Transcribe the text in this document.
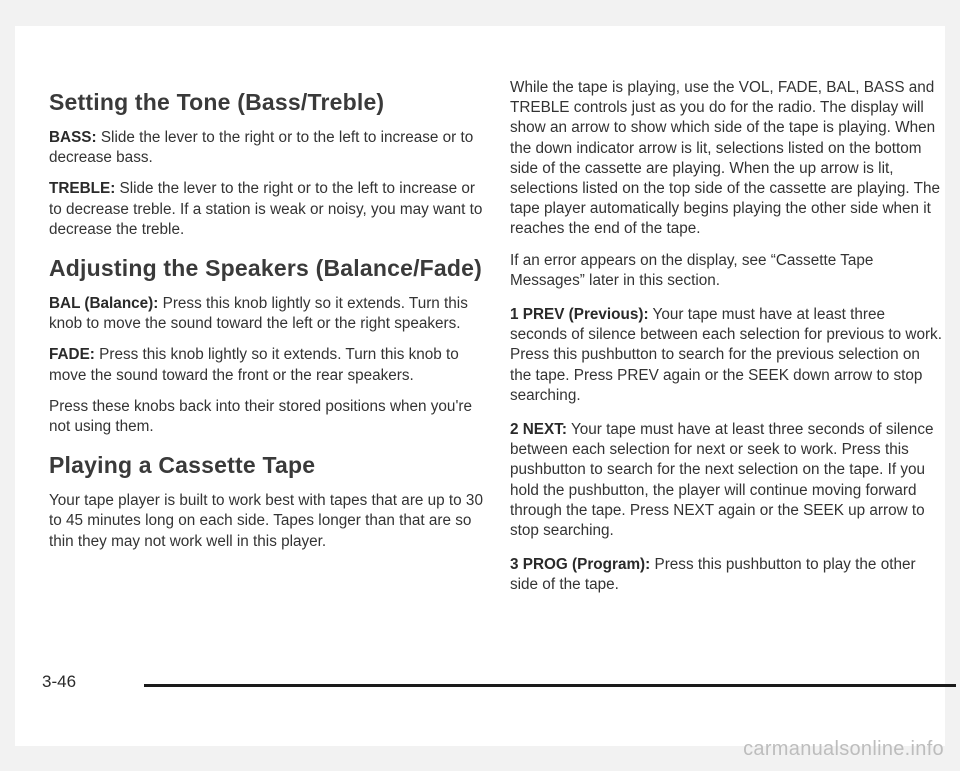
Setting the Tone (Bass/Treble)

BASS: Slide the lever to the right or to the left to increase or to decrease bass.

TREBLE: Slide the lever to the right or to the left to increase or to decrease treble. If a station is weak or noisy, you may want to decrease the treble.

Adjusting the Speakers (Balance/Fade)

BAL (Balance): Press this knob lightly so it extends. Turn this knob to move the sound toward the left or the right speakers.

FADE: Press this knob lightly so it extends. Turn this knob to move the sound toward the front or the rear speakers.

Press these knobs back into their stored positions when you're not using them.

Playing a Cassette Tape

Your tape player is built to work best with tapes that are up to 30 to 45 minutes long on each side. Tapes longer than that are so thin they may not work well in this player.

While the tape is playing, use the VOL, FADE, BAL, BASS and TREBLE controls just as you do for the radio. The display will show an arrow to show which side of the tape is playing. When the down indicator arrow is lit, selections listed on the bottom side of the cassette are playing. When the up arrow is lit, selections listed on the top side of the cassette are playing. The tape player automatically begins playing the other side when it reaches the end of the tape.

If an error appears on the display, see “Cassette Tape Messages” later in this section.

1 PREV (Previous): Your tape must have at least three seconds of silence between each selection for previous to work. Press this pushbutton to search for the previous selection on the tape. Press PREV again or the SEEK down arrow to stop searching.

2 NEXT: Your tape must have at least three seconds of silence between each selection for next or seek to work. Press this pushbutton to search for the next selection on the tape. If you hold the pushbutton, the player will continue moving forward through the tape. Press NEXT again or the SEEK up arrow to stop searching.

3 PROG (Program): Press this pushbutton to play the other side of the tape.

3-46
carmanualsonline.info
